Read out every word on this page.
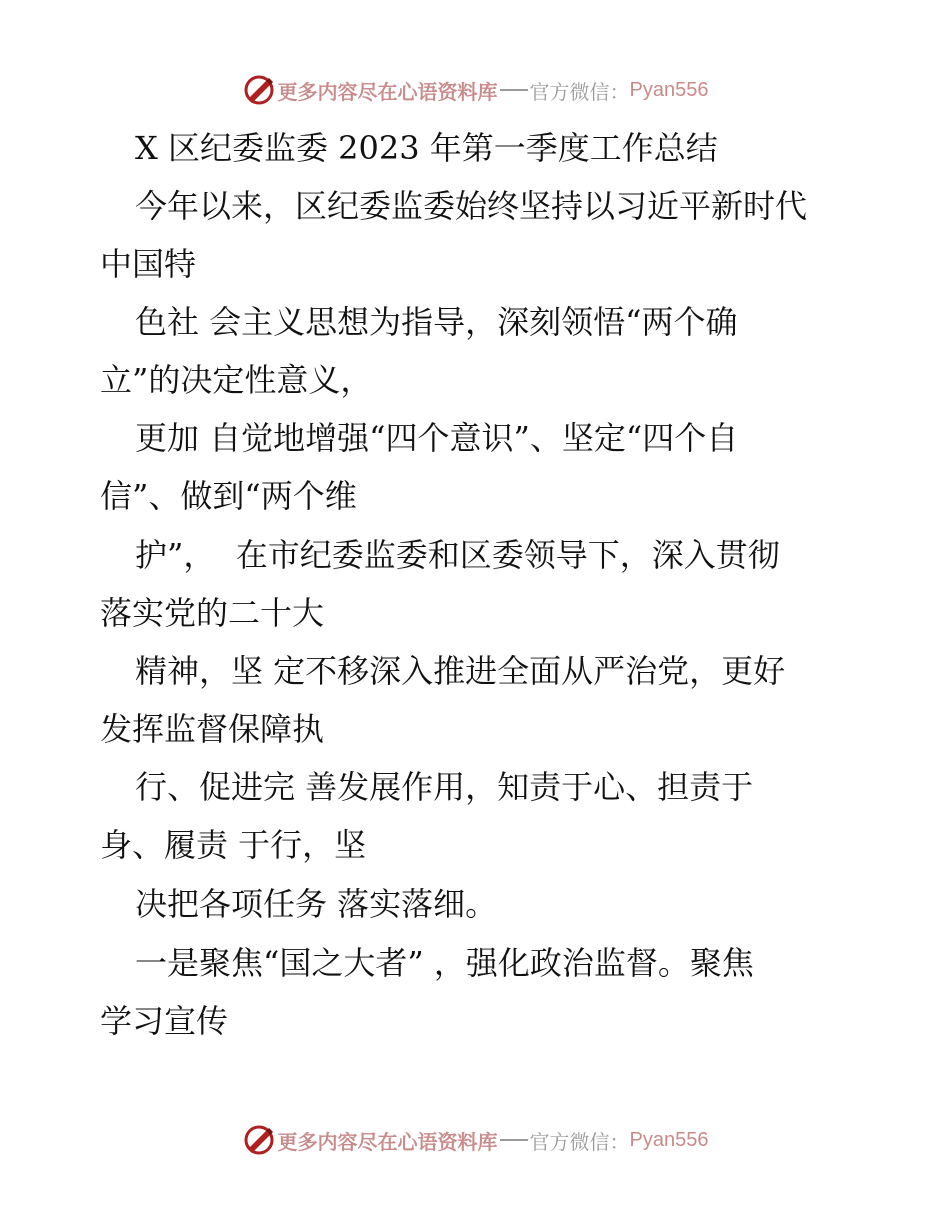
更多内容尽在心语资料库 官方微信： Pyan556
X 区纪委监委 2023 年第一季度工作总结
今年以来，区纪委监委始终坚持以习近平新时代
中国特
色社 会主义思想为指导，深刻领悟“两个确
立”的决定性意义，
更加 自觉地增强“四个意识”、坚定“四个自
信”、做到“两个维
护”，  在市纪委监委和区委领导下，深入贯彻
落实党的二十大
精神，坚 定不移深入推进全面从严治党，更好
发挥监督保障执
行、促进完 善发展作用，知责于心、担责于
身、履责 于行，坚
决把各项任务 落实落细。
一是聚焦“国之大者” ，强化政治监督。聚焦
学习宣传
更多内容尽在心语资料库 官方微信： Pyan556
